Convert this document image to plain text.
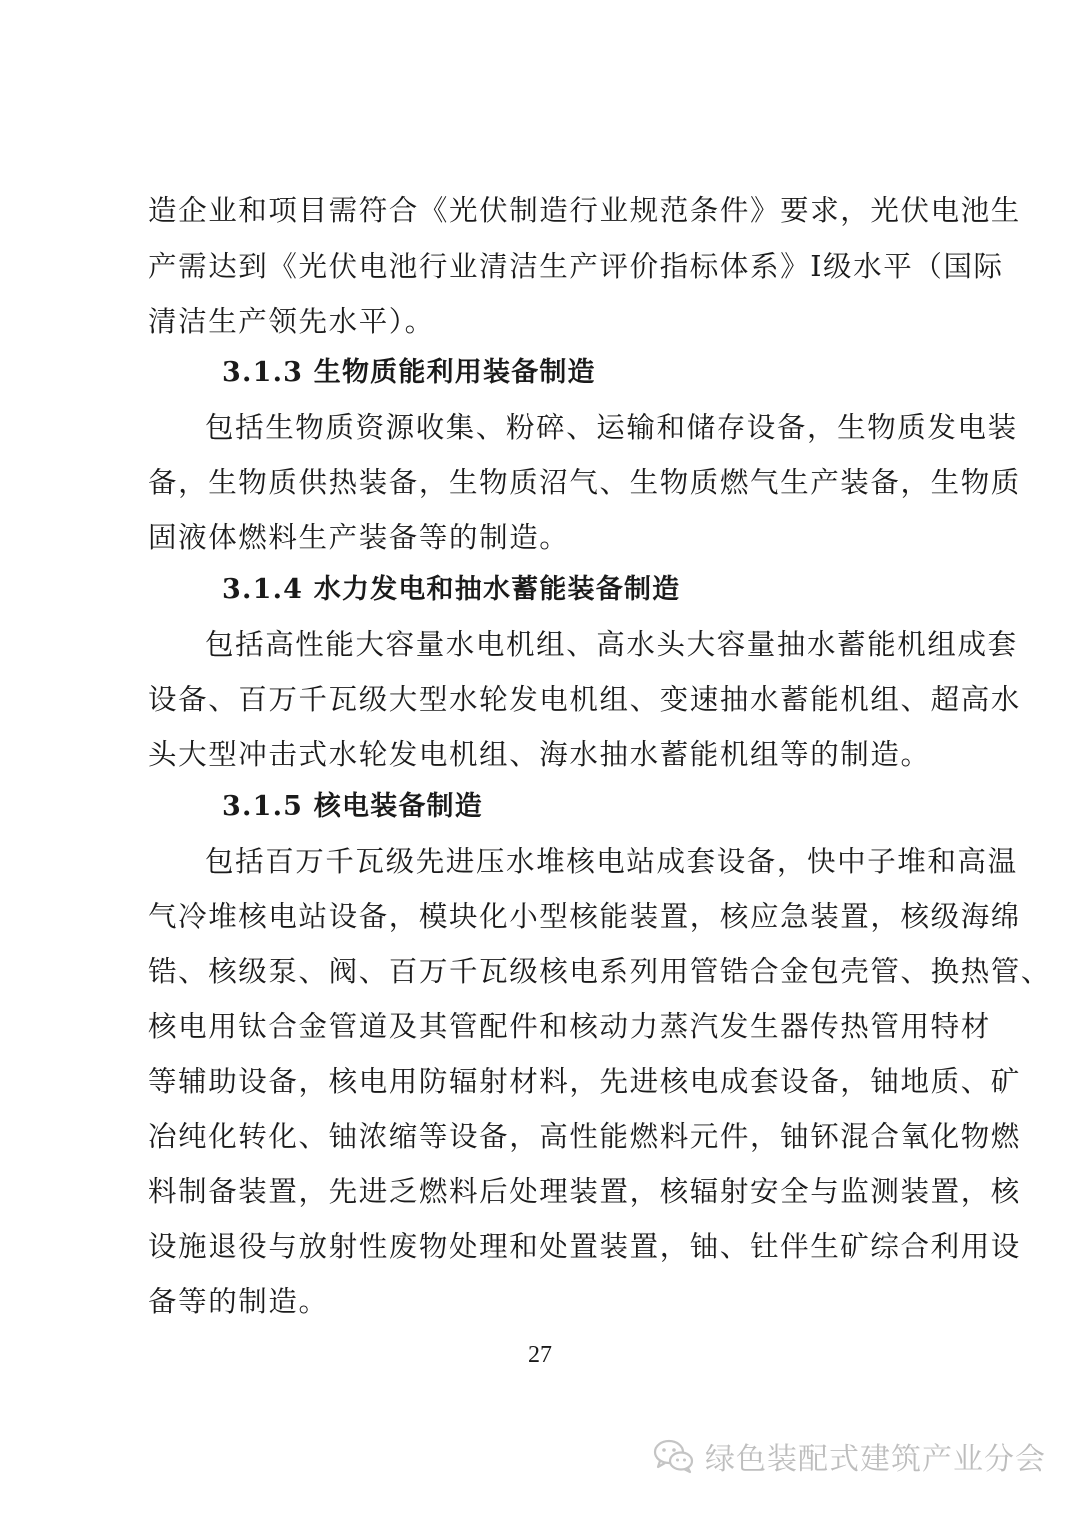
造企业和项目需符合《光伏制造行业规范条件》要求，光伏电池生
产需达到《光伏电池行业清洁生产评价指标体系》Ⅰ级水平（国际
清洁生产领先水平）。
3.1.3 生物质能利用装备制造
包括生物质资源收集、粉碎、运输和储存设备，生物质发电装
备，生物质供热装备，生物质沼气、生物质燃气生产装备，生物质
固液体燃料生产装备等的制造。
3.1.4 水力发电和抽水蓄能装备制造
包括高性能大容量水电机组、高水头大容量抽水蓄能机组成套
设备、百万千瓦级大型水轮发电机组、变速抽水蓄能机组、超高水
头大型冲击式水轮发电机组、海水抽水蓄能机组等的制造。
3.1.5 核电装备制造
包括百万千瓦级先进压水堆核电站成套设备，快中子堆和高温
气冷堆核电站设备，模块化小型核能装置，核应急装置，核级海绵
锆、核级泵、阀、百万千瓦级核电系列用管锆合金包壳管、换热管、
核电用钛合金管道及其管配件和核动力蒸汽发生器传热管用特材
等辅助设备，核电用防辐射材料，先进核电成套设备，铀地质、矿
冶纯化转化、铀浓缩等设备，高性能燃料元件，铀钚混合氧化物燃
料制备装置，先进乏燃料后处理装置，核辐射安全与监测装置，核
设施退役与放射性废物处理和处置装置，铀、钍伴生矿综合利用设
备等的制造。
27
绿色装配式建筑产业分会
